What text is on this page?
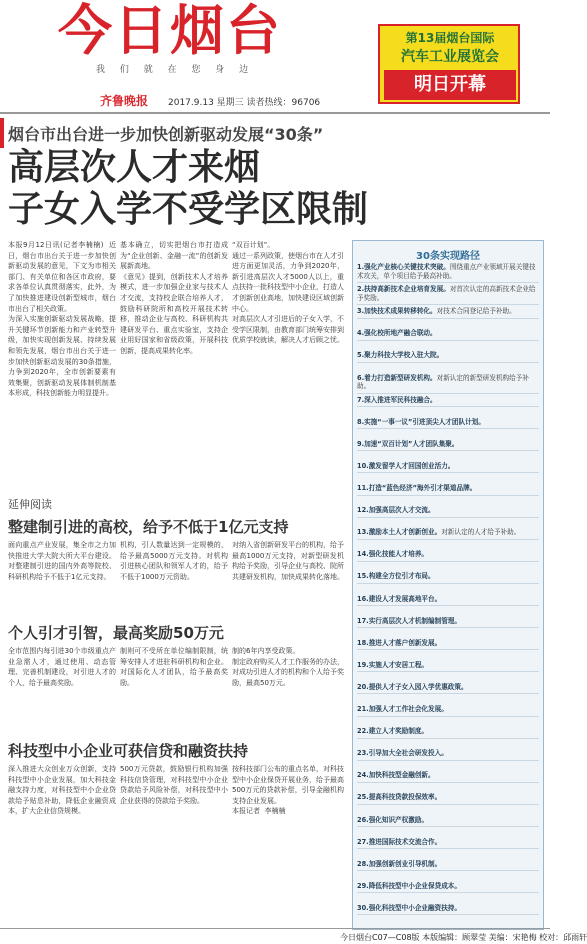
今日烟台
我 们 就 在 您 身 边
齐鲁晚报	2017.9.13 星期三 读者热线：96706
第13届烟台国际
汽车工业展览会
明日开幕
烟台市出台进一步加快创新驱动发展“30条”
高层次人才来烟
子女入学不受学区限制
本报9月12日讯(记者李楠楠)  近日，烟台市出台关于进一步加快创新驱动发展的意见，下文为市相关部门、有关单位和各区市政府，要求各单位认真贯彻落实，此外，为了加快推进建设创新型城市，烟台市出台了相关政策。
为深入实施创新驱动发展战略，提升关键环节创新能力和产业转型升级，加快实现创新发展、持续发展和领先发展，烟台市出台关于进一步加快创新驱动发展的30条措施，力争到2020年，全市创新要素有效集聚，创新驱动发展体制机制基本形成，科技创新能力明显提升。
基本确立，切实把烟台市打造成为“企业创新、金融一流”的创新发展新高地。
《意见》提到，创新技术人才培养模式，进一步加强企业家与技术人才交流，支持校企联合培养人才，鼓励科研院所和高校开展技术转移，推动企业与高校、科研机构共建研发平台、重点实验室，支持企业用好国家和省级政策，开展科技创新，提高成果转化率。
“双百计划”。
通过一系列政策，使烟台市在人才引进方面更加灵活，力争到2020年，新引进高层次人才5000人以上，重点扶持一批科技型中小企业，打造人才创新创业高地，加快建设区域创新中心。
对高层次人才引进后的子女入学，不受学区限制，由教育部门统筹安排到优质学校就读，解决人才后顾之忧。
延伸阅读
整建制引进的高校，给予不低于1亿元支持
面向重点产业发展，集全市之力加快推进大学大院大所大平台建设。对整建制引进的国内外高等院校、科研机构给予不低于1亿元支持。
机构，引人数量达到一定规模的，给予最高5000万元支持。对机构引进核心团队和领军人才的，给予不低于1000万元资助。
对纳入省创新研发平台的机构，给予最高1000万元支持，对新型研发机构给予奖励，引导企业与高校、院所共建研发机构，加快成果转化落地。
个人引才引智，最高奖励50万元
全市范围内每引进30个市级重点产业急需人才，通过使用、动态管理、完善机制建设，对引进人才的个人，给予最高奖励。
制则可不受所在单位编制限制，统筹安排人才进驻科研机构和企业。对国际化人才团队，给予最高奖励。
制的6年内享受政策。
制定政府购买人才工作服务的办法，对成功引进人才的机构和个人给予奖励，最高50万元。
科技型中小企业可获信贷和融资扶持
深入推进大众创业万众创新，支持科技型中小企业发展，加大科技金融支持力度，对科技型中小企业贷款给予贴息补助，降低企业融资成本，扩大企业信贷规模。
500万元贷款，鼓励银行机构加强科技信贷管理，对科技型中小企业贷款给予风险补偿，对科技型中小企业获得的贷款给予奖励。
按科技部门公布的重点名单，对科技型中小企业保贷开展业务，给予最高500万元的贷款补偿，引导金融机构支持企业发展。
本报记者  李楠楠
30条实现路径
1.强化产业核心关键技术突破。围绕重点产业领域开展关键技术攻关，单个项目给予最高补助。
2.扶持高新技术企业培育发展。对首次认定的高新技术企业给予奖励。
3.加快技术成果转移转化。对技术合同登记给予补助。
4.强化校所地产融合联动。
5.聚力科技大学校入驻大院。
6.着力打造新型研发机构。对新认定的新型研发机构给予补助。
7.深入推进军民科技融合。
8.实施“一事一议”引进顶尖人才团队计划。
9.加速“双百计划”人才团队集聚。
10.激发留学人才回国创业活力。
11.打造“蓝色经济”海外引才渠道品牌。
12.加强高层次人才交流。
13.激励本土人才创新创业。对新认定的人才给予补助。
14.强化技能人才培养。
15.构建全方位引才布局。
16.建设人才发展高地平台。
17.实行高层次人才机制编制管理。
18.推进人才落户创新发展。
19.实施人才安居工程。
20.提供人才子女入园入学优惠政策。
21.加强人才工作社会化发展。
22.建立人才奖励制度。
23.引导加大全社会研发投入。
24.加快科技型金融创新。
25.提高科技贷款投保效率。
26.强化知识产权激励。
27.推进国际技术交流合作。
28.加强创新创业引导机制。
29.降低科技型中小企业保贷成本。
30.强化科技型中小企业融资扶持。
今日烟台C07—C08版 本版编辑：顾翠莹 美编：宋艳梅 校对：邱雨轩
